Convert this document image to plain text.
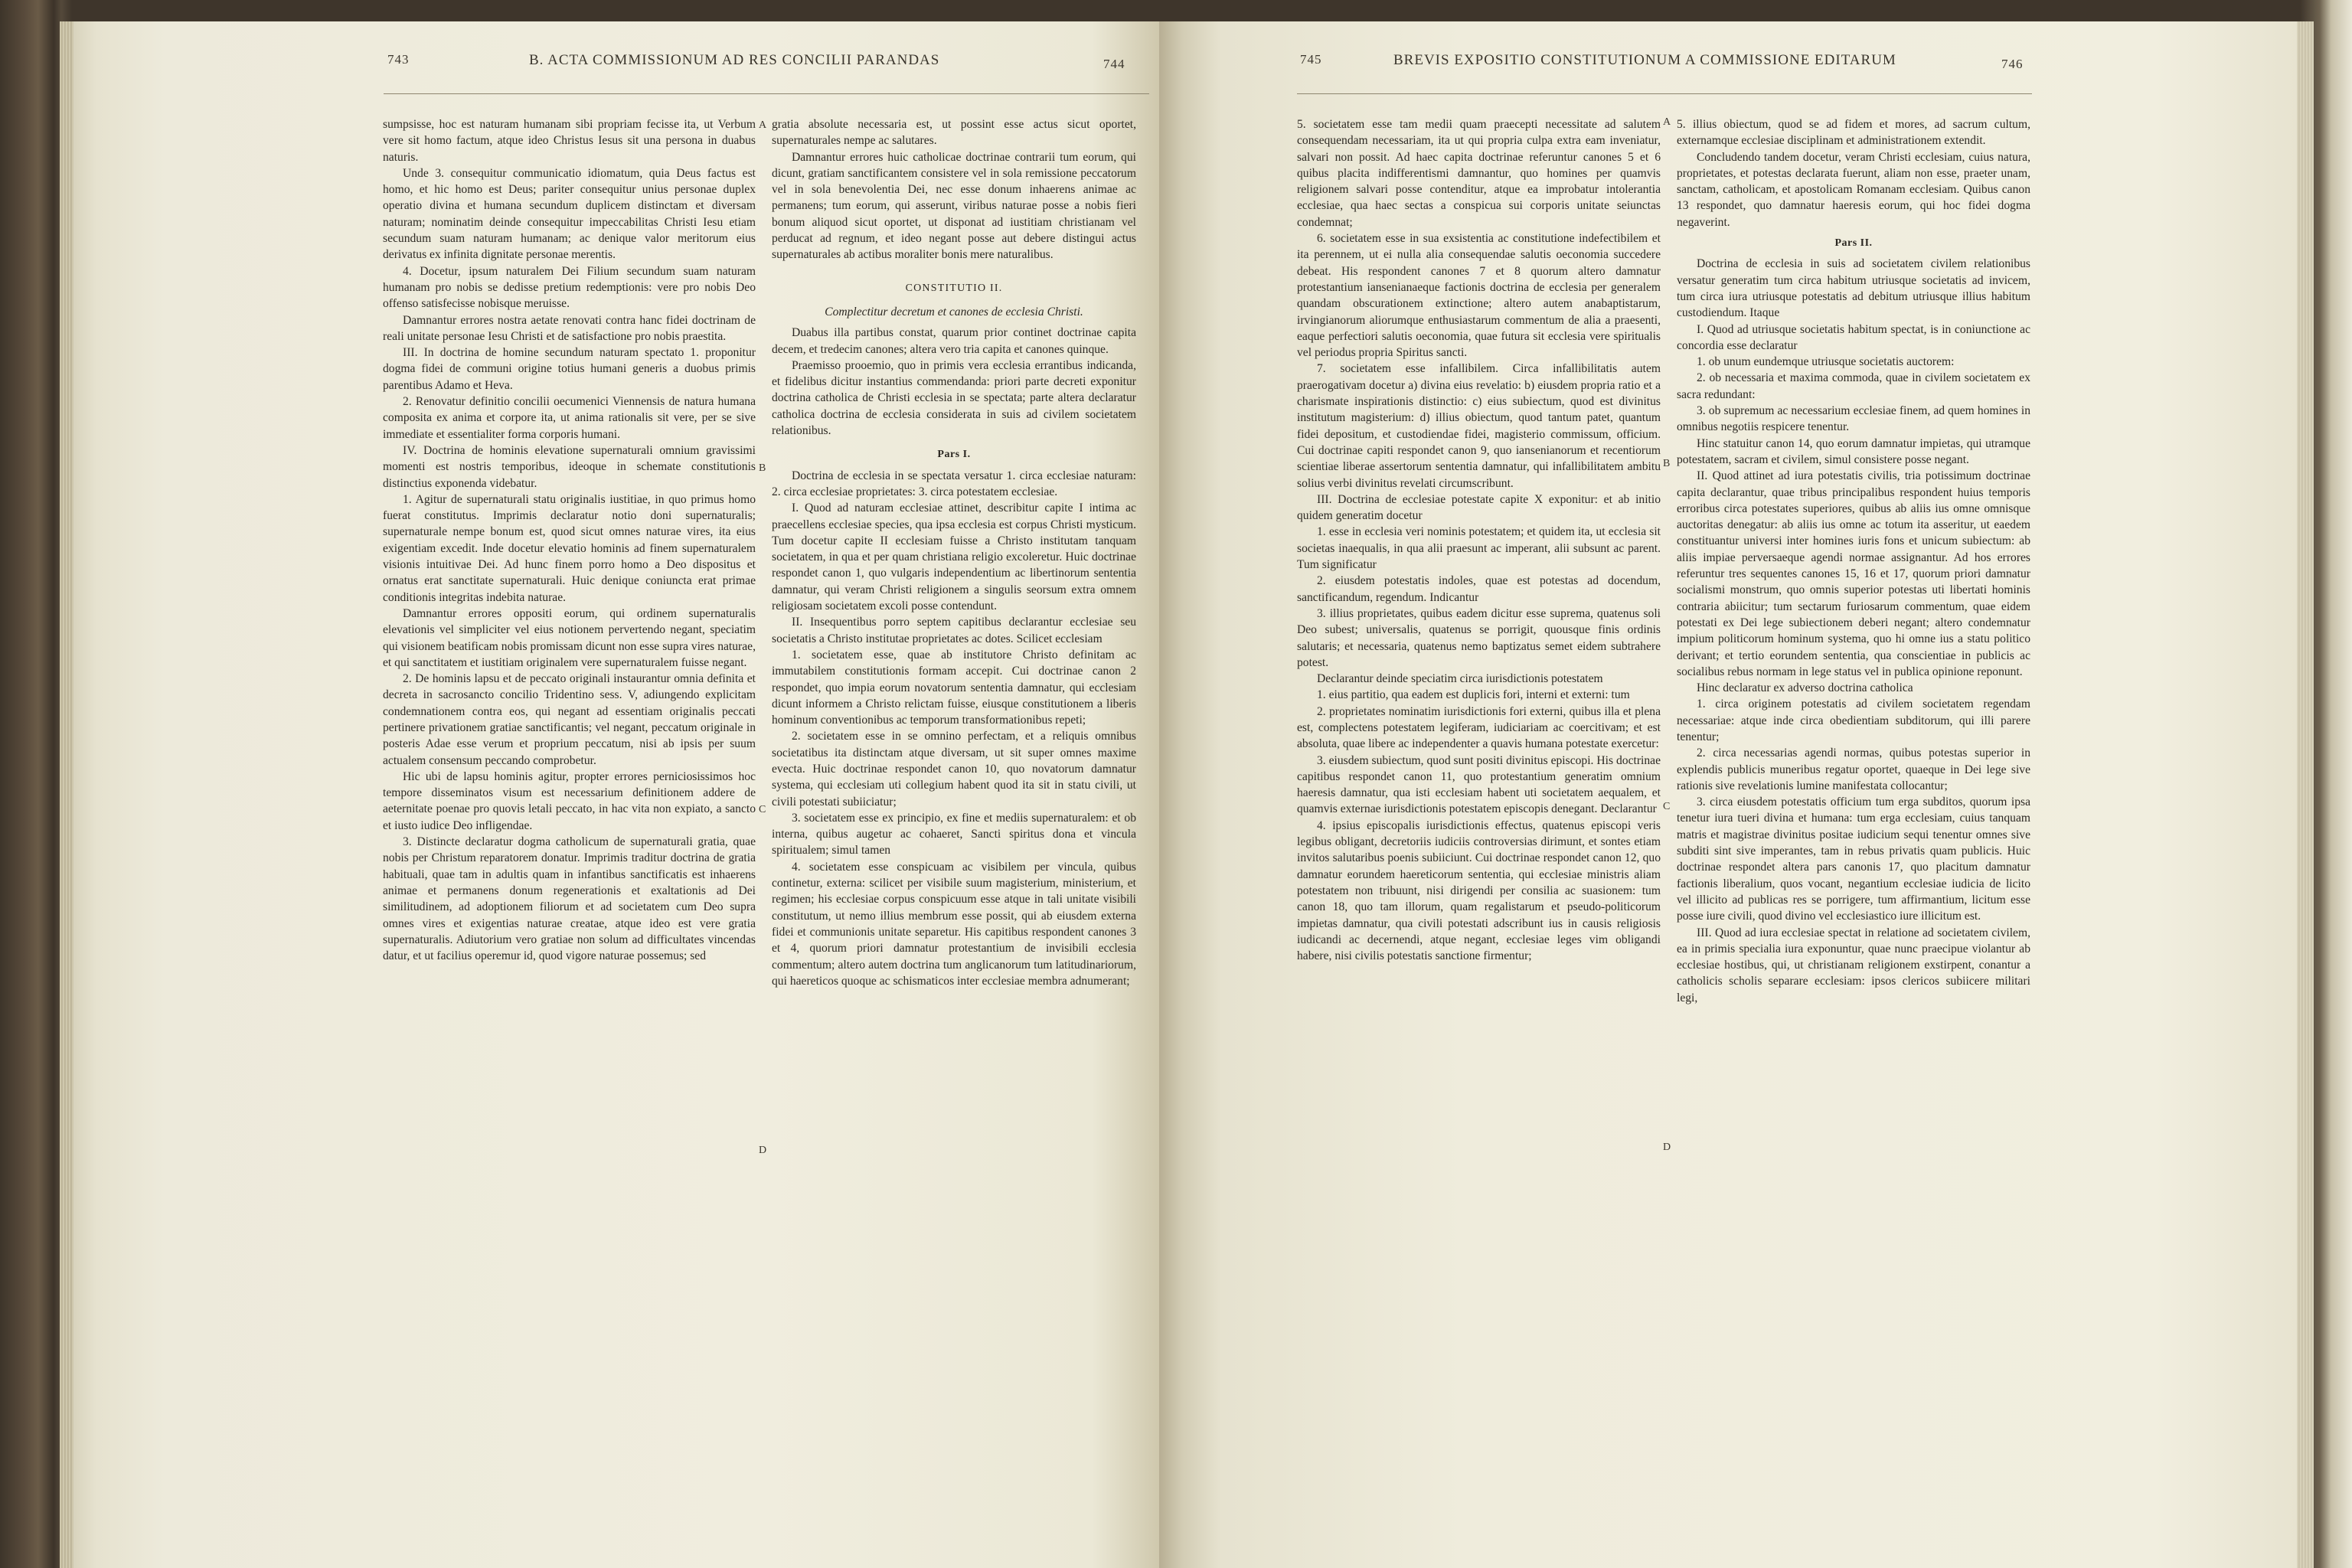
743	B. ACTA COMMISSIONUM AD RES CONCILII PARANDAS	744

sumpsisse, hoc est naturam humanam sibi propriam fecisse ita, ut Verbum vere sit homo factum, atque ideo Christus Iesus sit una persona in duabus naturis.

Unde 3. consequitur communicatio idiomatum, quia Deus factus est homo, et hic homo est Deus; pariter consequitur unius personae duplex operatio divina et humana secundum duplicem distinctam et diversam naturam; nominatim deinde consequitur impeccabilitas Christi Iesu etiam secundum suam naturam humanam; ac denique valor meritorum eius derivatus ex infinita dignitate personae merentis.

4. Docetur, ipsum naturalem Dei Filium secundum suam naturam humanam pro nobis se dedisse pretium redemptionis: vere pro nobis Deo offenso satisfecisse nobisque meruisse.

Damnantur errores nostra aetate renovati contra hanc fidei doctrinam de reali unitate personae Iesu Christi et de satisfactione pro nobis praestita.

III. In doctrina de homine secundum naturam spectato 1. proponitur dogma fidei de communi origine totius humani generis a duobus primis parentibus Adamo et Heva.

2. Renovatur definitio concilii oecumenici Viennensis de natura humana composita ex anima et corpore ita, ut anima rationalis sit vere, per se sive immediate et essentialiter forma corporis humani.

IV. Doctrina de hominis elevatione supernaturali omnium gravissimi momenti est nostris temporibus, ideoque in schemate constitutionis distinctius exponenda videbatur.

1. Agitur de supernaturali statu originalis iustitiae, in quo primus homo fuerat constitutus. Imprimis declaratur notio doni supernaturalis; supernaturale nempe bonum est, quod sicut omnes naturae vires, ita eius exigentiam excedit. Inde docetur elevatio hominis ad finem supernaturalem visionis intuitivae Dei. Ad hunc finem porro homo a Deo dispositus et ornatus erat sanctitate supernaturali. Huic denique coniuncta erat primae conditionis integritas indebita naturae.

Damnantur errores oppositi eorum, qui ordinem supernaturalis elevationis vel simpliciter vel eius notionem pervertendo negant, speciatim qui visionem beatificam nobis promissam dicunt non esse supra vires naturae, et qui sanctitatem et iustitiam originalem vere supernaturalem fuisse negant.

2. De hominis lapsu et de peccato originali instaurantur omnia definita et decreta in sacrosancto concilio Tridentino sess. V, adiungendo explicitam condemnationem contra eos, qui negant ad essentiam originalis peccati pertinere privationem gratiae sanctificantis; vel negant, peccatum originale in posteris Adae esse verum et proprium peccatum, nisi ab ipsis per suum actualem consensum peccando comprobetur.

Hic ubi de lapsu hominis agitur, propter errores perniciosissimos hoc tempore disseminatos visum est necessarium definitionem addere de aeternitate poenae pro quovis letali peccato, in hac vita non expiato, a sancto et iusto iudice Deo infligendae.

3. Distincte declaratur dogma catholicum de supernaturali gratia, quae nobis per Christum reparatorem donatur. Imprimis traditur doctrina de gratia habituali, quae tam in adultis quam in infantibus sanctificatis est inhaerens animae et permanens donum regenerationis et exaltationis ad Dei similitudinem, ad adoptionem filiorum et ad societatem cum Deo supra omnes vires et exigentias naturae creatae, atque ideo est vere gratia supernaturalis. Adiutorium vero gratiae non solum ad difficultates vincendas datur, et ut facilius operemur id, quod vigore naturae possemus; sed

A
B
C
D

gratia absolute necessaria est, ut possint esse actus sicut oportet, supernaturales nempe ac salutares.

Damnantur errores huic catholicae doctrinae contrarii tum eorum, qui dicunt, gratiam sanctificantem consistere vel in sola remissione peccatorum vel in sola benevolentia Dei, nec esse donum inhaerens animae ac permanens; tum eorum, qui asserunt, viribus naturae posse a nobis fieri bonum aliquod sicut oportet, ut disponat ad iustitiam christianam vel perducat ad regnum, et ideo negant posse aut debere distingui actus supernaturales ab actibus moraliter bonis mere naturalibus.

CONSTITUTIO II.

Complectitur decretum et canones de ecclesia Christi.

Duabus illa partibus constat, quarum prior continet doctrinae capita decem, et tredecim canones; altera vero tria capita et canones quinque.

Praemisso prooemio, quo in primis vera ecclesia errantibus indicanda, et fidelibus dicitur instantius commendanda: priori parte decreti exponitur doctrina catholica de Christi ecclesia in se spectata; parte altera declaratur catholica doctrina de ecclesia considerata in suis ad civilem societatem relationibus.

Pars I.

Doctrina de ecclesia in se spectata versatur 1. circa ecclesiae naturam: 2. circa ecclesiae proprietates: 3. circa potestatem ecclesiae.

I. Quod ad naturam ecclesiae attinet, describitur capite I intima ac praecellens ecclesiae species, qua ipsa ecclesia est corpus Christi mysticum. Tum docetur capite II ecclesiam fuisse a Christo institutam tanquam societatem, in qua et per quam christiana religio excoleretur. Huic doctrinae respondet canon 1, quo vulgaris independentium ac libertinorum sententia damnatur, qui veram Christi religionem a singulis seorsum extra omnem religiosam societatem excoli posse contendunt.

II. Insequentibus porro septem capitibus declarantur ecclesiae seu societatis a Christo institutae proprietates ac dotes. Scilicet ecclesiam

1. societatem esse, quae ab institutore Christo definitam ac immutabilem constitutionis formam accepit. Cui doctrinae canon 2 respondet, quo impia eorum novatorum sententia damnatur, qui ecclesiam dicunt informem a Christo relictam fuisse, eiusque constitutionem a liberis hominum conventionibus ac temporum transformationibus repeti;

2. societatem esse in se omnino perfectam, et a reliquis omnibus societatibus ita distinctam atque diversam, ut sit super omnes maxime evecta. Huic doctrinae respondet canon 10, quo novatorum damnatur systema, qui ecclesiam uti collegium habent quod ita sit in statu civili, ut civili potestati subiiciatur;

3. societatem esse ex principio, ex fine et mediis supernaturalem: et ob interna, quibus augetur ac cohaeret, Sancti spiritus dona et vincula spiritualem; simul tamen

4. societatem esse conspicuam ac visibilem per vincula, quibus continetur, externa: scilicet per visibile suum magisterium, ministerium, et regimen; his ecclesiae corpus conspicuum esse atque in tali unitate visibili constitutum, ut nemo illius membrum esse possit, qui ab eiusdem externa fidei et communionis unitate separetur. His capitibus respondent canones 3 et 4, quorum priori damnatur protestantium de invisibili ecclesia commentum; altero autem doctrina tum anglicanorum tum latitudinariorum, qui haereticos quoque ac schismaticos inter ecclesiae membra adnumerant;

745	BREVIS EXPOSITIO CONSTITUTIONUM A COMMISSIONE EDITARUM	746

5. societatem esse tam medii quam praecepti necessitate ad salutem consequendam necessariam, ita ut qui propria culpa extra eam inveniatur, salvari non possit. Ad haec capita doctrinae referuntur canones 5 et 6 quibus placita indifferentismi damnantur, quo homines per quamvis religionem salvari posse contenditur, atque ea improbatur intolerantia ecclesiae, qua haec sectas a conspicua sui corporis unitate seiunctas condemnat;

6. societatem esse in sua exsistentia ac constitutione indefectibilem et ita perennem, ut ei nulla alia consequendae salutis oeconomia succedere debeat. His respondent canones 7 et 8 quorum altero damnatur protestantium iansenianaeque factionis doctrina de ecclesia per generalem quandam obscurationem extinctione; altero autem anabaptistarum, irvingianorum aliorumque enthusiastarum commentum de alia a praesenti, eaque perfectiori salutis oeconomia, quae futura sit ecclesia vere spiritualis vel periodus propria Spiritus sancti.

7. societatem esse infallibilem. Circa infallibilitatis autem praerogativam docetur a) divina eius revelatio: b) eiusdem propria ratio et a charismate inspirationis distinctio: c) eius subiectum, quod est divinitus institutum magisterium: d) illius obiectum, quod tantum patet, quantum fidei depositum, et custodiendae fidei, magisterio commissum, officium. Cui doctrinae capiti respondet canon 9, quo iansenianorum et recentiorum scientiae liberae assertorum sententia damnatur, qui infallibilitatem ambitu solius verbi divinitus revelati circumscribunt.

III. Doctrina de ecclesiae potestate capite X exponitur: et ab initio quidem generatim docetur

1. esse in ecclesia veri nominis potestatem; et quidem ita, ut ecclesia sit societas inaequalis, in qua alii praesunt ac imperant, alii subsunt ac parent. Tum significatur

2. eiusdem potestatis indoles, quae est potestas ad docendum, sanctificandum, regendum. Indicantur

3. illius proprietates, quibus eadem dicitur esse suprema, quatenus soli Deo subest; universalis, quatenus se porrigit, quousque finis ordinis salutaris; et necessaria, quatenus nemo baptizatus semet eidem subtrahere potest.

Declarantur deinde speciatim circa iurisdictionis potestatem

1. eius partitio, qua eadem est duplicis fori, interni et externi: tum

2. proprietates nominatim iurisdictionis fori externi, quibus illa et plena est, complectens potestatem legiferam, iudiciariam ac coercitivam; et est absoluta, quae libere ac independenter a quavis humana potestate exercetur:

3. eiusdem subiectum, quod sunt positi divinitus episcopi. His doctrinae capitibus respondet canon 11, quo protestantium generatim omnium haeresis damnatur, qua isti ecclesiam habent uti societatem aequalem, et quamvis externae iurisdictionis potestatem episcopis denegant. Declarantur

4. ipsius episcopalis iurisdictionis effectus, quatenus episcopi veris legibus obligant, decretoriis iudiciis controversias dirimunt, et sontes etiam invitos salutaribus poenis subiiciunt. Cui doctrinae respondet canon 12, quo damnatur eorundem haereticorum sententia, qui ecclesiae ministris aliam potestatem non tribuunt, nisi dirigendi per consilia ac suasionem: tum canon 18, quo tam illorum, quam regalistarum et pseudo-politicorum impietas damnatur, qua civili potestati adscribunt ius in causis religiosis iudicandi ac decernendi, atque negant, ecclesiae leges vim obligandi habere, nisi civilis potestatis sanctione firmentur;

A
B
C
D

5. illius obiectum, quod se ad fidem et mores, ad sacrum cultum, externamque ecclesiae disciplinam et administrationem extendit.

Concludendo tandem docetur, veram Christi ecclesiam, cuius natura, proprietates, et potestas declarata fuerunt, aliam non esse, praeter unam, sanctam, catholicam, et apostolicam Romanam ecclesiam. Quibus canon 13 respondet, quo damnatur haeresis eorum, qui hoc fidei dogma negaverint.

Pars II.

Doctrina de ecclesia in suis ad societatem civilem relationibus versatur generatim tum circa habitum utriusque societatis ad invicem, tum circa iura utriusque potestatis ad debitum utriusque illius habitum custodiendum. Itaque

I. Quod ad utriusque societatis habitum spectat, is in coniunctione ac concordia esse declaratur

1. ob unum eundemque utriusque societatis auctorem:

2. ob necessaria et maxima commoda, quae in civilem societatem ex sacra redundant:

3. ob supremum ac necessarium ecclesiae finem, ad quem homines in omnibus negotiis respicere tenentur.

Hinc statuitur canon 14, quo eorum damnatur impietas, qui utramque potestatem, sacram et civilem, simul consistere posse negant.

II. Quod attinet ad iura potestatis civilis, tria potissimum doctrinae capita declarantur, quae tribus principalibus respondent huius temporis erroribus circa potestates superiores, quibus ab aliis ius omne omnisque auctoritas denegatur: ab aliis ius omne ac totum ita asseritur, ut eaedem constituantur universi inter homines iuris fons et unicum subiectum: ab aliis impiae perversaeque agendi normae assignantur. Ad hos errores referuntur tres sequentes canones 15, 16 et 17, quorum priori damnatur socialismi monstrum, quo omnis superior potestas uti libertati hominis contraria abiicitur; tum sectarum furiosarum commentum, quae eidem potestati ex Dei lege subiectionem deberi negant; altero condemnatur impium politicorum hominum systema, quo hi omne ius a statu politico derivant; et tertio eorundem sententia, qua conscientiae in publicis ac socialibus rebus normam in lege status vel in publica opinione reponunt.

Hinc declaratur ex adverso doctrina catholica

1. circa originem potestatis ad civilem societatem regendam necessariae: atque inde circa obedientiam subditorum, qui illi parere tenentur;

2. circa necessarias agendi normas, quibus potestas superior in explendis publicis muneribus regatur oportet, quaeque in Dei lege sive rationis sive revelationis lumine manifestata collocantur;

3. circa eiusdem potestatis officium tum erga subditos, quorum ipsa tenetur iura tueri divina et humana: tum erga ecclesiam, cuius tanquam matris et magistrae divinitus positae iudicium sequi tenentur omnes sive subditi sint sive imperantes, tam in rebus privatis quam publicis. Huic doctrinae respondet altera pars canonis 17, quo placitum damnatur factionis liberalium, quos vocant, negantium ecclesiae iudicia de licito vel illicito ad publicas res se porrigere, tum affirmantium, licitum esse posse iure civili, quod divino vel ecclesiastico iure illicitum est.

III. Quod ad iura ecclesiae spectat in relatione ad societatem civilem, ea in primis specialia iura exponuntur, quae nunc praecipue violantur ab ecclesiae hostibus, qui, ut christianam religionem exstirpent, conantur a catholicis scholis separare ecclesiam: ipsos clericos subiicere militari legi,
